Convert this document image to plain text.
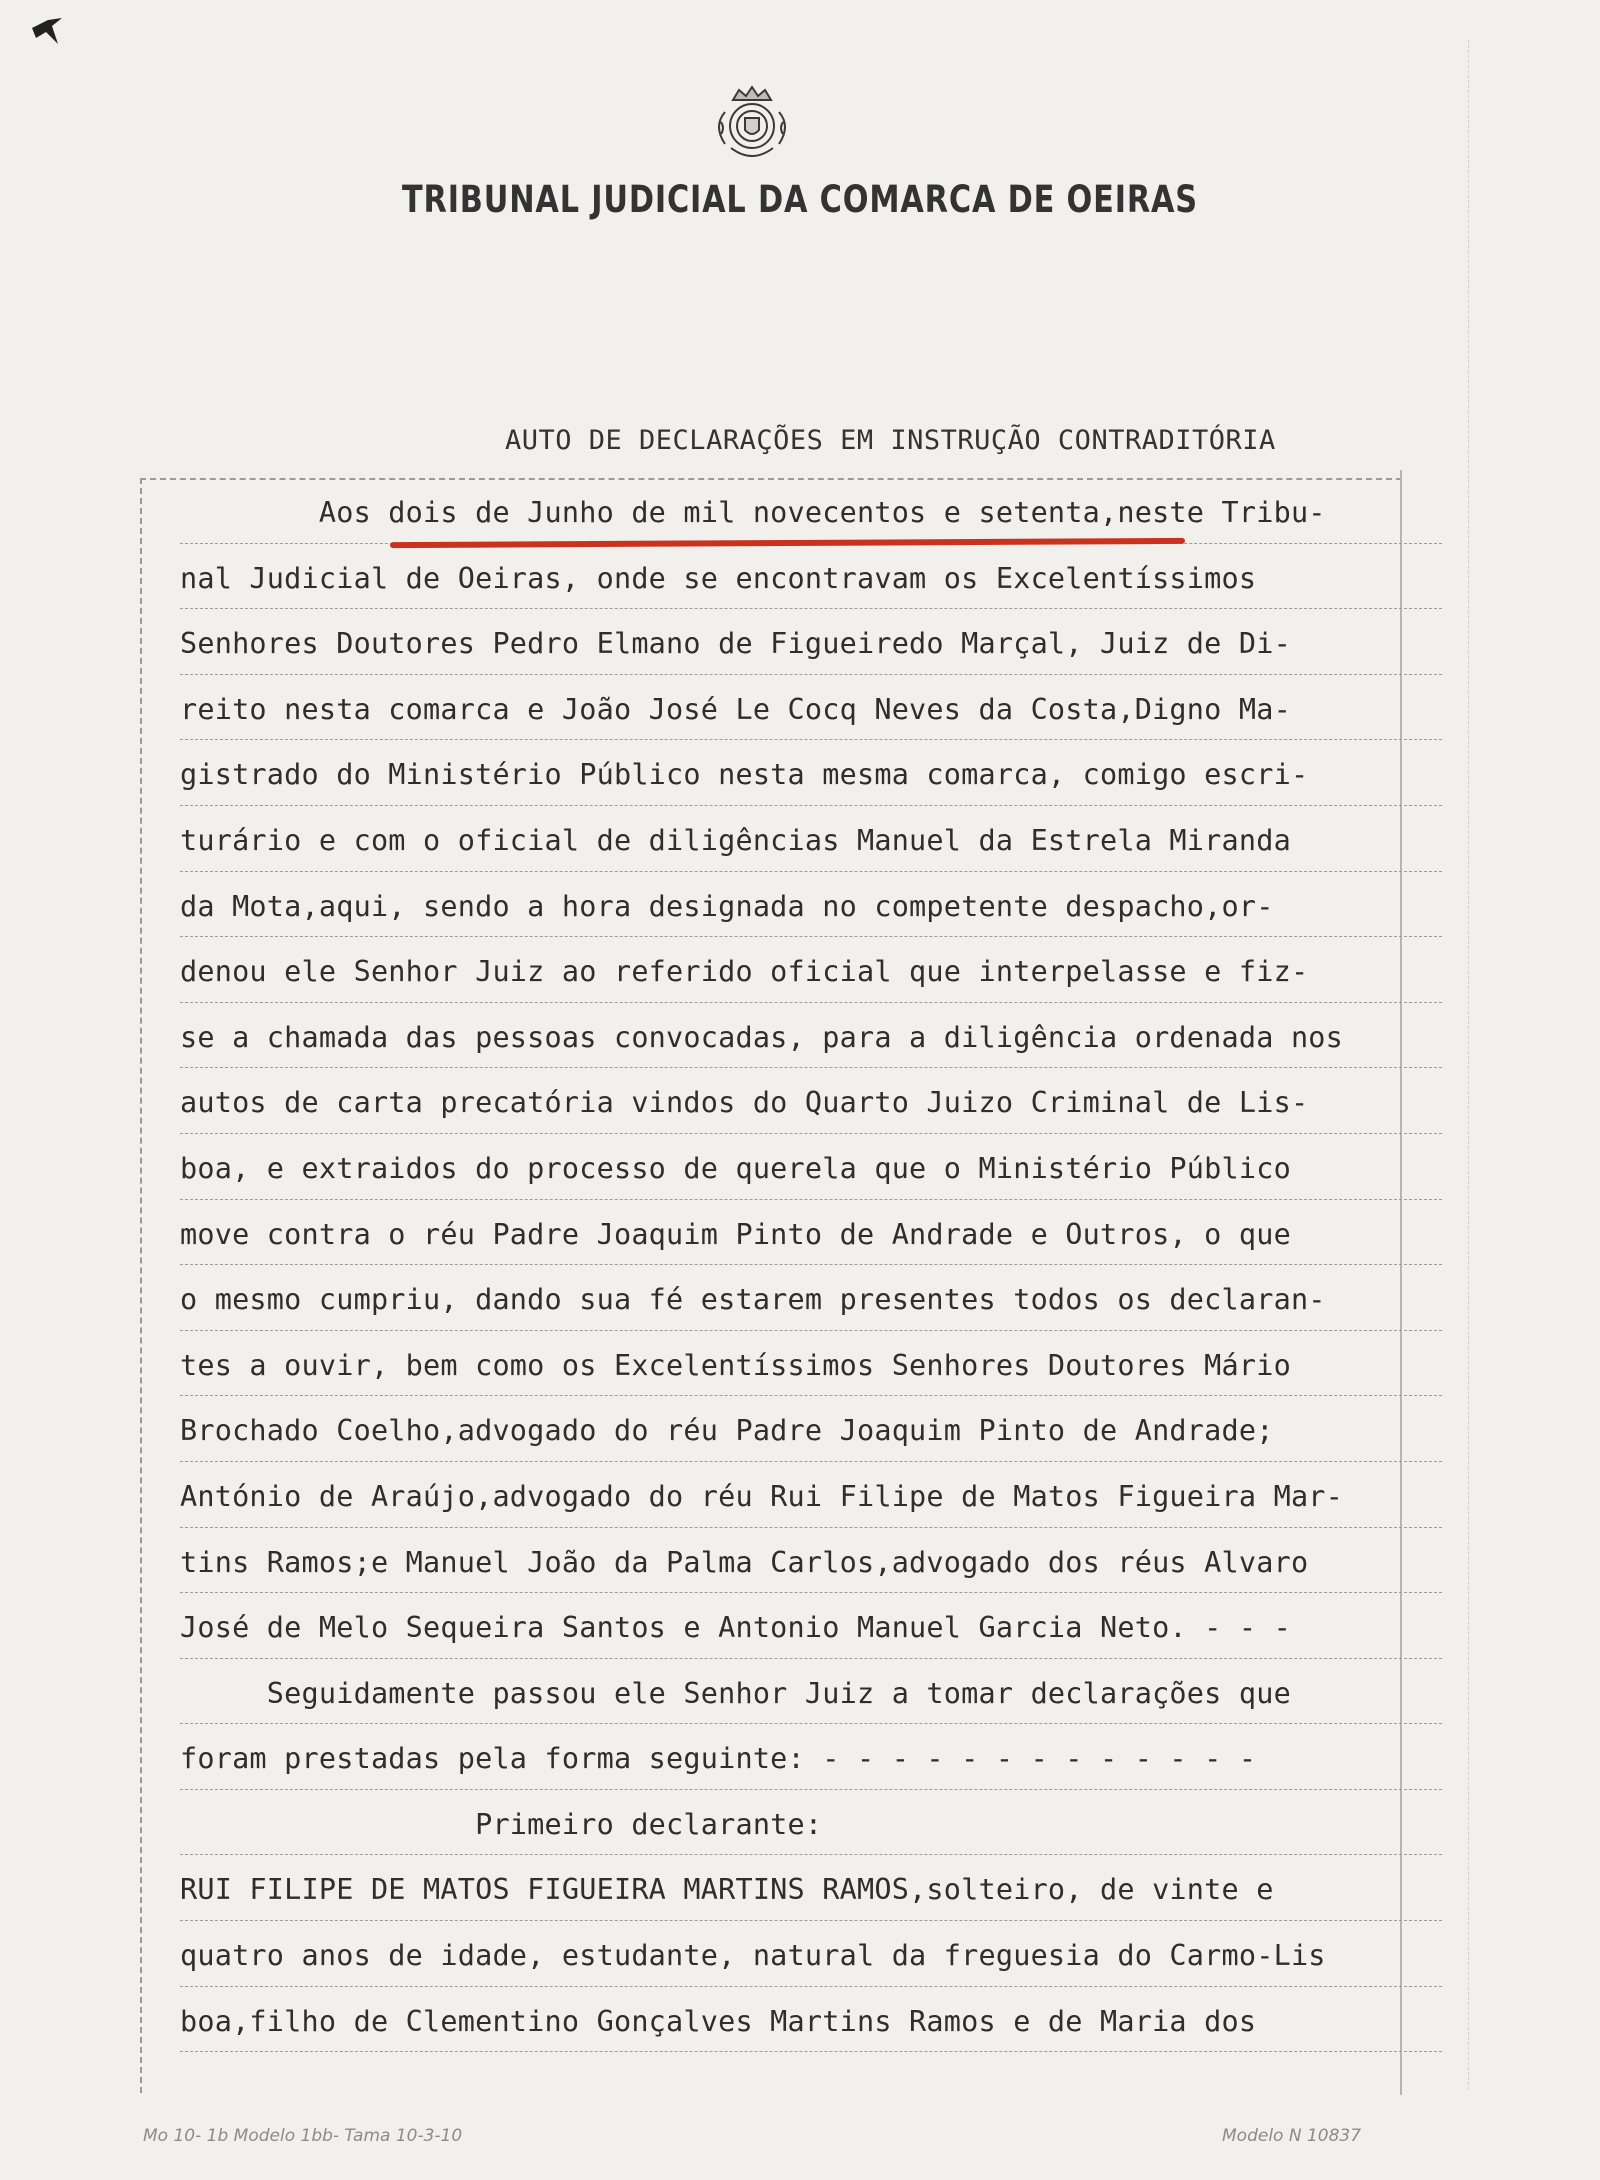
TRIBUNAL JUDICIAL DA COMARCA DE OEIRAS
AUTO DE DECLARAÇÕES EM INSTRUÇÃO CONTRADITÓRIA
Aos dois de Junho de mil novecentos e setenta,neste Tribu-
nal Judicial de Oeiras, onde se encontravam os Excelentíssimos
Senhores Doutores Pedro Elmano de Figueiredo Marçal, Juiz de Di-
reito nesta comarca e João José Le Cocq Neves da Costa,Digno Ma-
gistrado do Ministério Público nesta mesma comarca, comigo escri-
turário e com o oficial de diligências Manuel da Estrela Miranda
da Mota,aqui, sendo a hora designada no competente despacho,or-
denou ele Senhor Juiz ao referido oficial que interpelasse e fiz-
se a chamada das pessoas convocadas, para a diligência ordenada nos
autos de carta precatória vindos do Quarto Juizo Criminal de Lis-
boa, e extraidos do processo de querela que o Ministério Público
move contra o réu Padre Joaquim Pinto de Andrade e Outros, o que
o mesmo cumpriu, dando sua fé estarem presentes todos os declaran-
tes a ouvir, bem como os Excelentíssimos Senhores Doutores Mário
Brochado Coelho,advogado do réu Padre Joaquim Pinto de Andrade;
António de Araújo,advogado do réu Rui Filipe de Matos Figueira Mar-
tins Ramos;e Manuel João da Palma Carlos,advogado dos réus Alvaro
José de Melo Sequeira Santos e Antonio Manuel Garcia Neto. - - -
Seguidamente passou ele Senhor Juiz a tomar declarações que
foram prestadas pela forma seguinte: - - - - - - - - - - - - -
Primeiro declarante:
RUI FILIPE DE MATOS FIGUEIRA MARTINS RAMOS,solteiro, de vinte e
quatro anos de idade, estudante, natural da freguesia do Carmo-Lis
boa,filho de Clementino Gonçalves Martins Ramos e de Maria dos
Mo 10- 1b Modelo 1bb- Tama 10-3-10	Modelo N 10837
